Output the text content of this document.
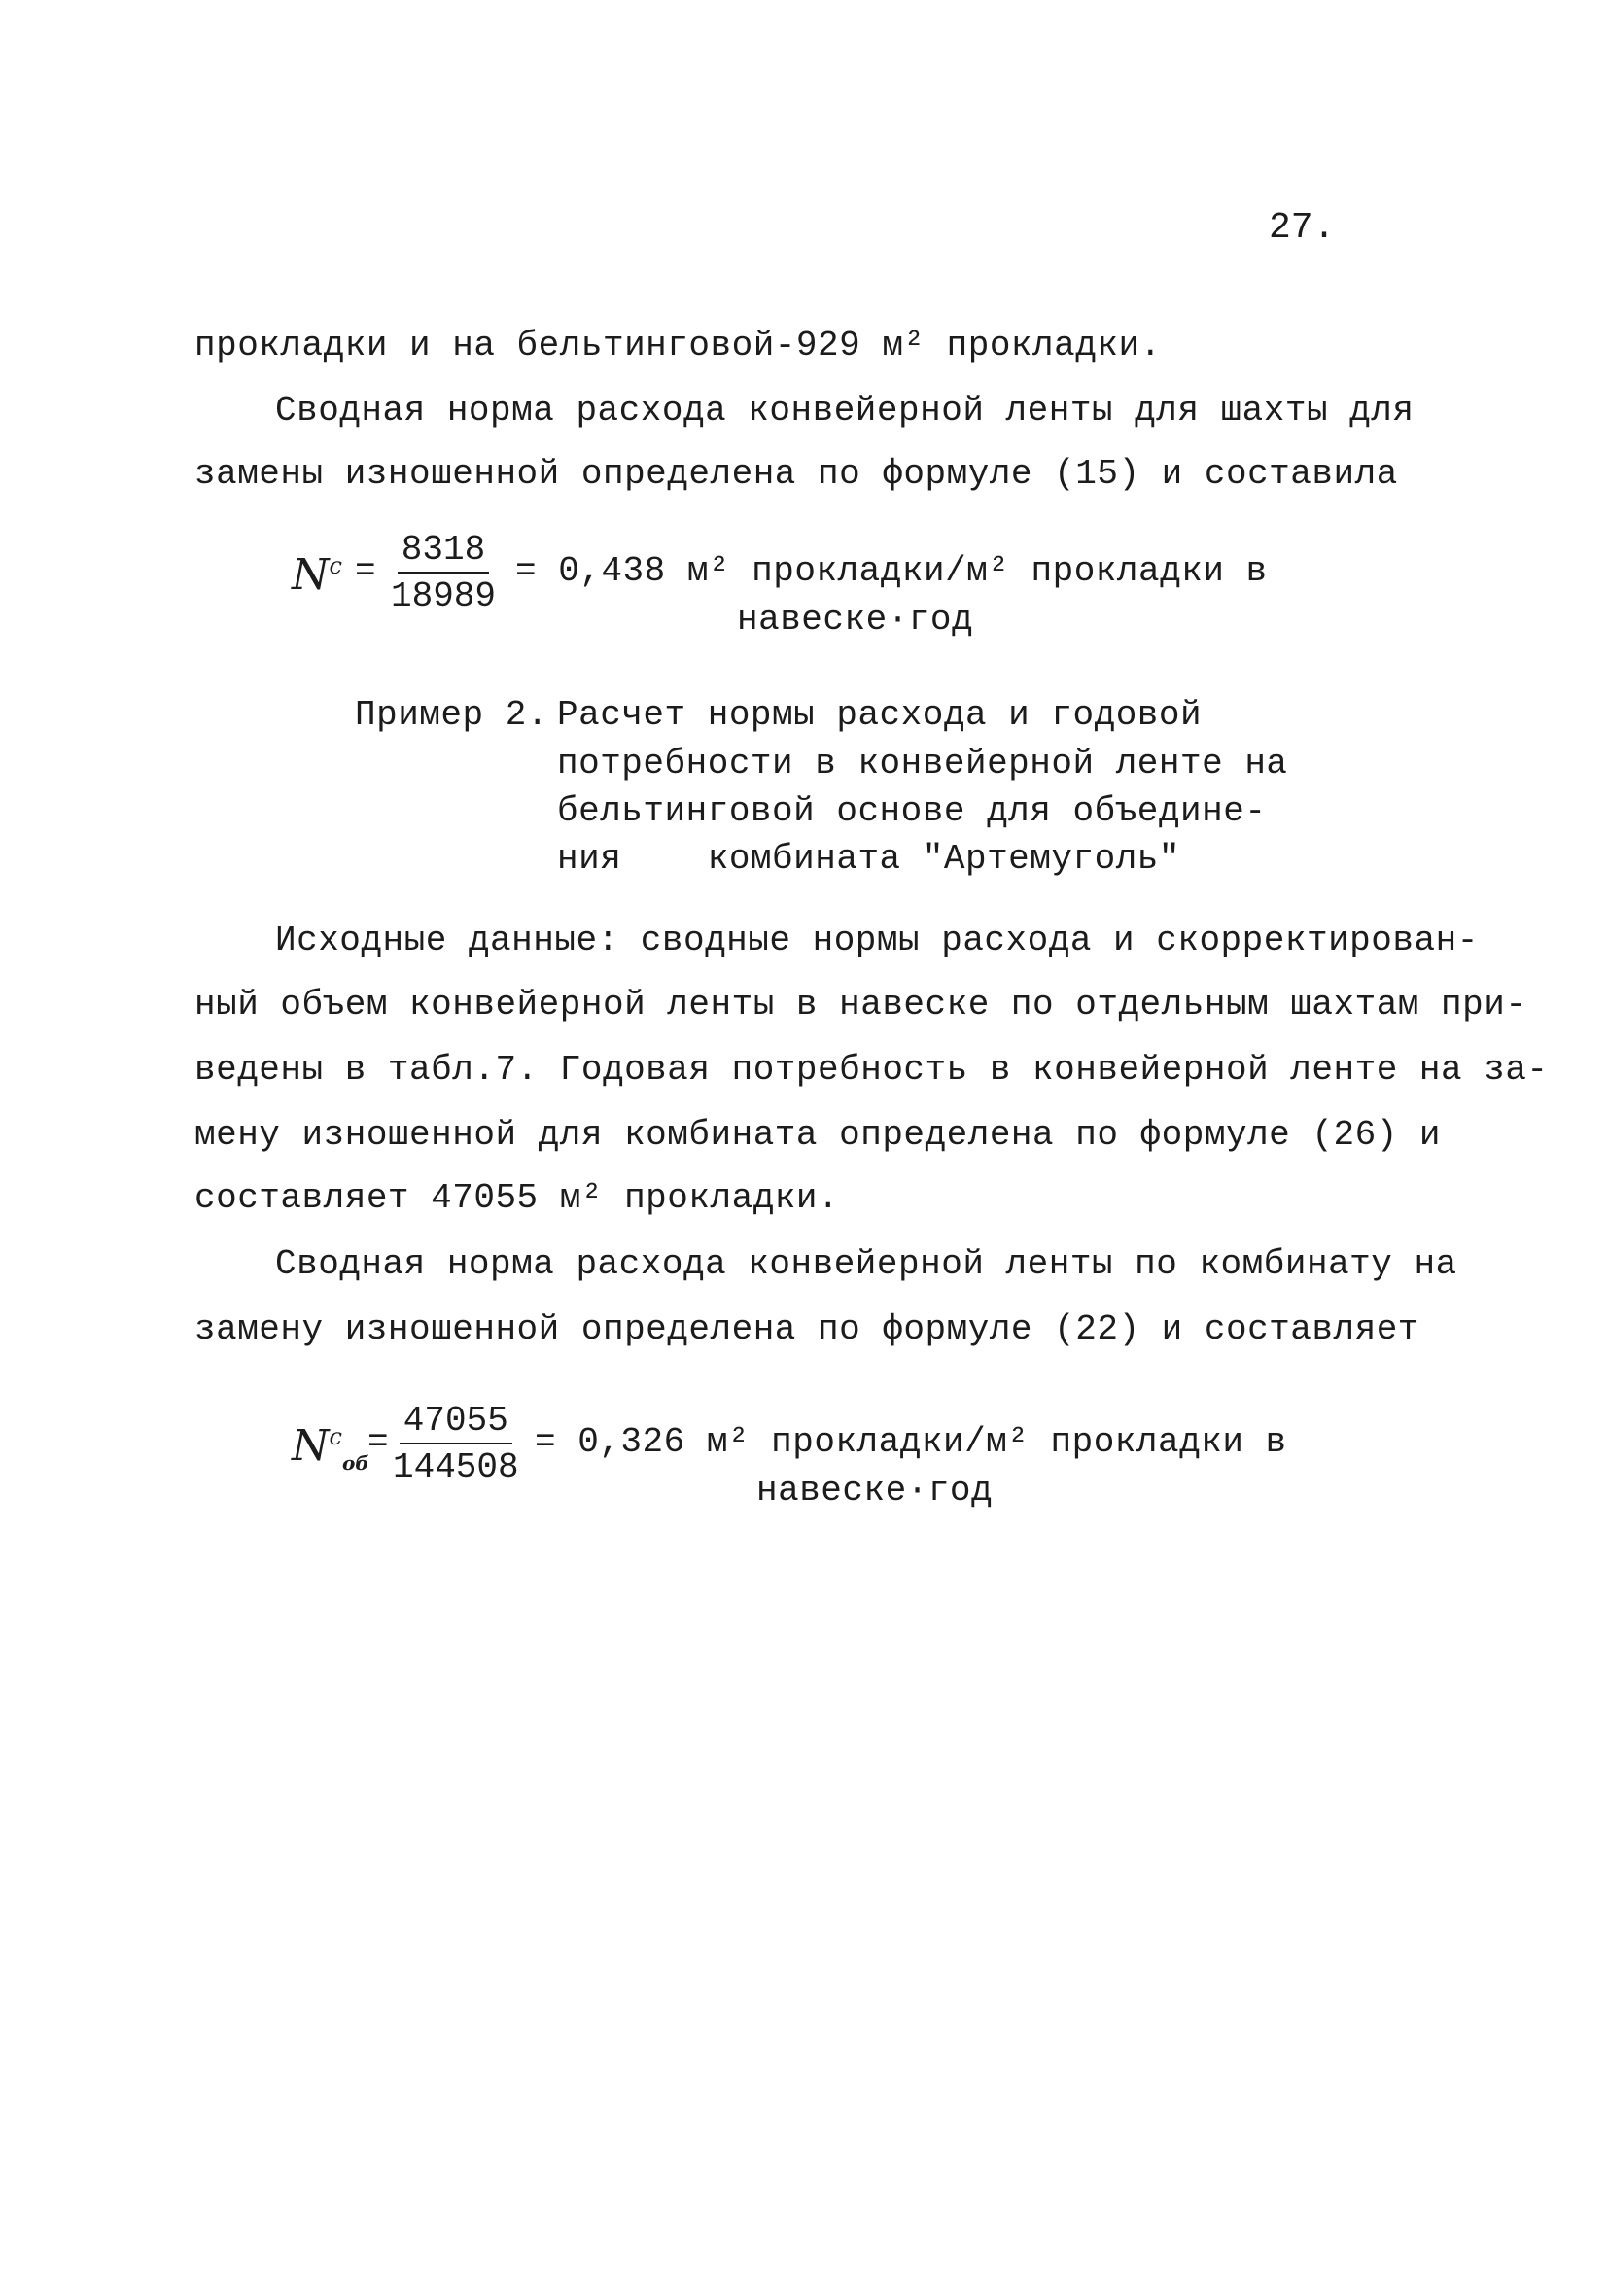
27.
прокладки и на бельтинговой-929 м² прокладки.
Сводная норма расхода конвейерной ленты для шахты для
замены изношенной определена по формуле (15) и составила
$N^c = \frac{8318}{18989} = 0,438$ м² прокладки/м² прокладки в
навеске·год
Пример 2. Расчет нормы расхода и годовой
потребности в конвейерной ленте на
бельтинговой основе для объедине-
ния    комбината "Артемуголь"
Исходные данные: сводные нормы расхода и скорректирован-
ный объем конвейерной ленты в навеске по отдельным шахтам при-
ведены в табл.7. Годовая потребность в конвейерной ленте на за-
мену изношенной для комбината определена по формуле (26) и
составляет 47055 м² прокладки.
Сводная норма расхода конвейерной ленты по комбинату на
замену изношенной определена по формуле (22) и составляет
$N^c_{об}$
= $\frac{47055}{144508} = 0,326$ м² прокладки/м² прокладки в
навеске·год
